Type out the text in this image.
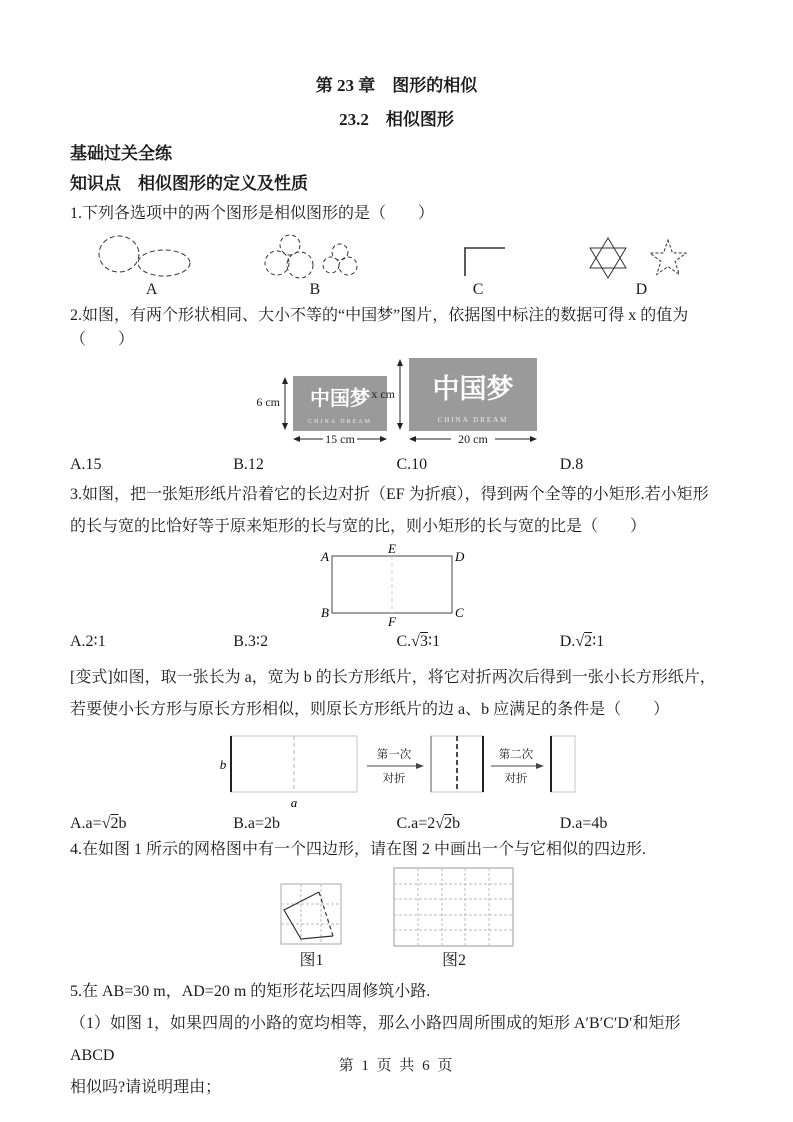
第 23 章　图形的相似
23.2　相似图形
基础过关全练
知识点　相似图形的定义及性质
1.下列各选项中的两个图形是相似图形的是（　　）
A	B	C	D
2.如图，有两个形状相同、大小不等的“中国梦”图片，依据图中标注的数据可得 x 的值为（　　）
中国梦
CHINA DREAM
6 cm
15 cm
中国梦
CHINA DREAM
x cm
20 cm
A.15	B.12	C.10	D.8
3.如图，把一张矩形纸片沿着它的长边对折（EF 为折痕），得到两个全等的小矩形.若小矩形
的长与宽的比恰好等于原来矩形的长与宽的比，则小矩形的长与宽的比是（　　）
A
E
D
B
F
C
A.2∶1	B.3∶2	C.√3∶1	D.√2∶1
[变式]如图，取一张长为 a，宽为 b 的长方形纸片，将它对折两次后得到一张小长方形纸片，
若要使小长方形与原长方形相似，则原长方形纸片的边 a、b 应满足的条件是（　　）
b
a
第一次
对折
第二次
对折
A.a=√2b	B.a=2b	C.a=2√2b	D.a=4b
4.在如图 1 所示的网格图中有一个四边形，请在图 2 中画出一个与它相似的四边形.
图1	图2
5.在 AB=30 m，AD=20 m 的矩形花坛四周修筑小路.
（1）如图 1，如果四周的小路的宽均相等，那么小路四周所围成的矩形 A′B′C′D′和矩形 ABCD
相似吗?请说明理由；
第 1 页 共 6 页
